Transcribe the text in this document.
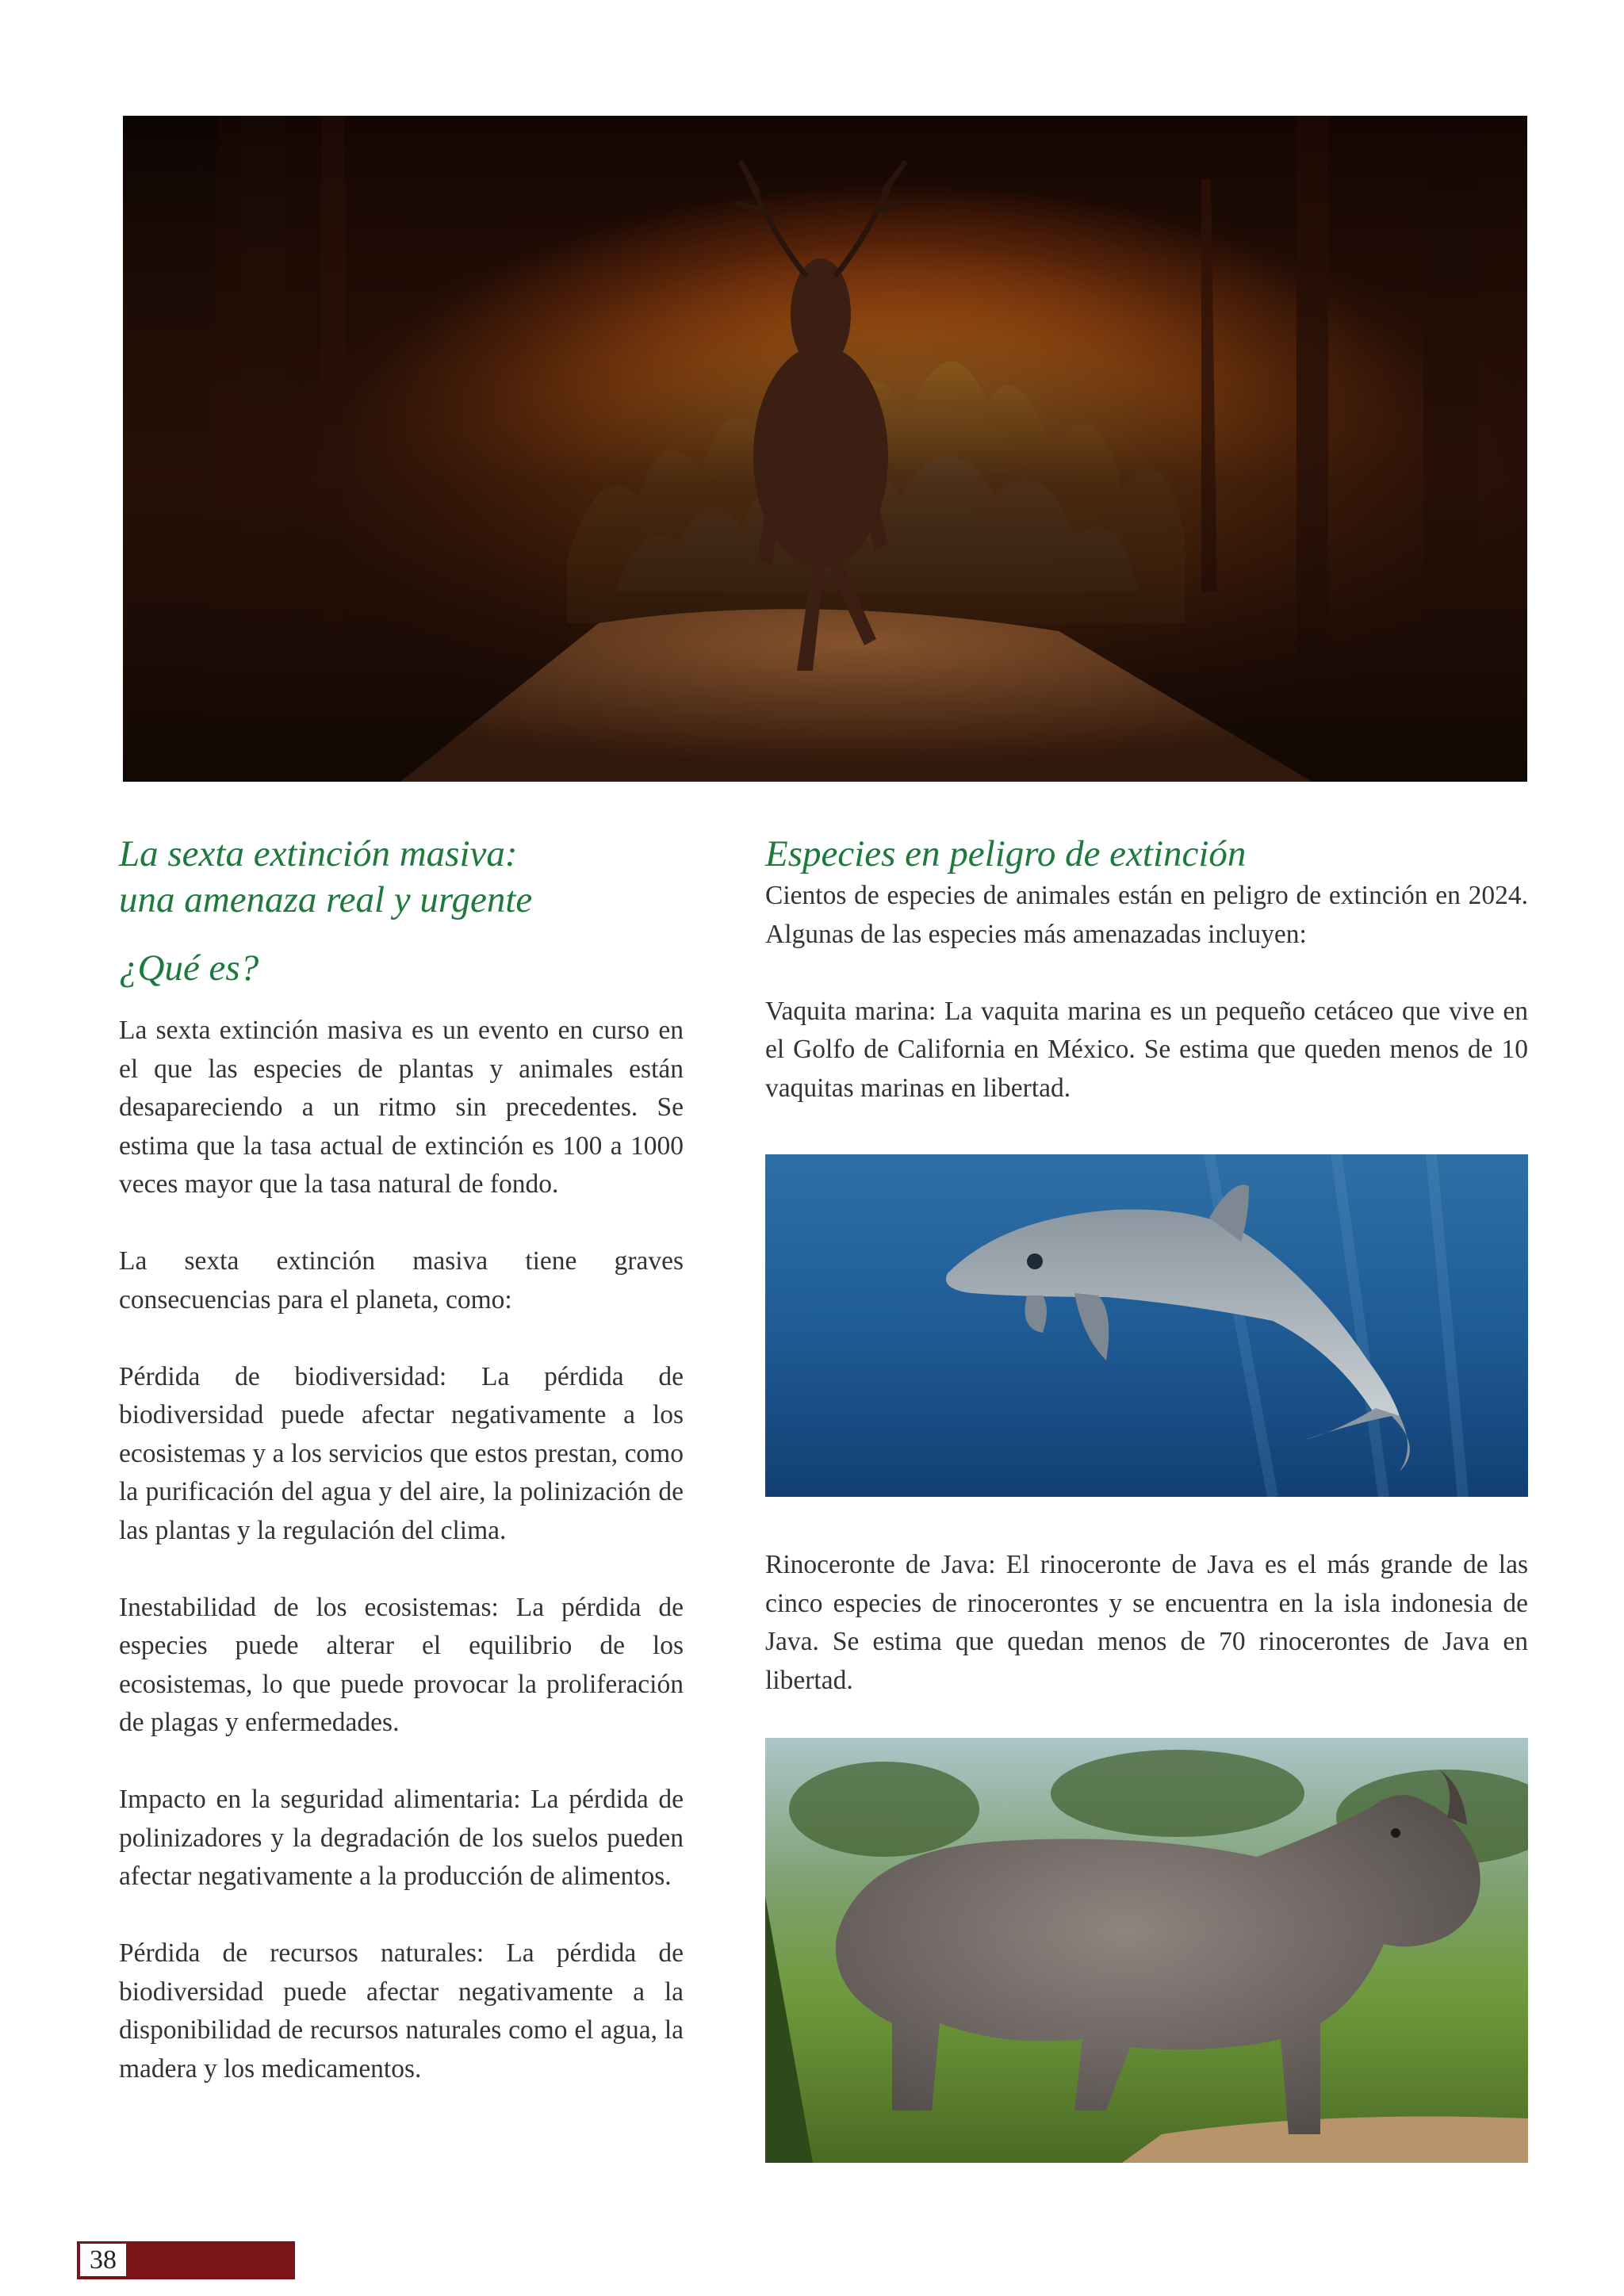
La sexta extinción masiva:
una amenaza real y urgente
¿Qué es?

La sexta extinción masiva es un evento en curso en el que las especies de plantas y animales están desapareciendo a un ritmo sin precedentes. Se estima que la tasa actual de extinción es 100 a 1000 veces mayor que la tasa natural de fondo.

La sexta extinción masiva tiene graves consecuencias para el planeta, como:

Pérdida de biodiversidad: La pérdida de biodiversidad puede afectar negativamente a los ecosistemas y a los servicios que estos prestan, como la purificación del agua y del aire, la polinización de las plantas y la regulación del clima.

Inestabilidad de los ecosistemas: La pérdida de especies puede alterar el equilibrio de los ecosistemas, lo que puede provocar la proliferación de plagas y enfermedades.

Impacto en la seguridad alimentaria: La pérdida de polinizadores y la degradación de los suelos pueden afectar negativamente a la producción de alimentos.

Pérdida de recursos naturales: La pérdida de biodiversidad puede afectar negativamente a la disponibilidad de recursos naturales como el agua, la madera y los medicamentos.

Especies en peligro de extinción

Cientos de especies de animales están en peligro de extinción en 2024. Algunas de las especies más amenazadas incluyen:

Vaquita marina: La vaquita marina es un pequeño cetáceo que vive en el Golfo de California en México. Se estima que queden menos de 10 vaquitas marinas en libertad.

Rinoceronte de Java: El rinoceronte de Java es el más grande de las cinco especies de rinocerontes y se encuentra en la isla indonesia de Java. Se estima que quedan menos de 70 rinocerontes de Java en libertad.

38
